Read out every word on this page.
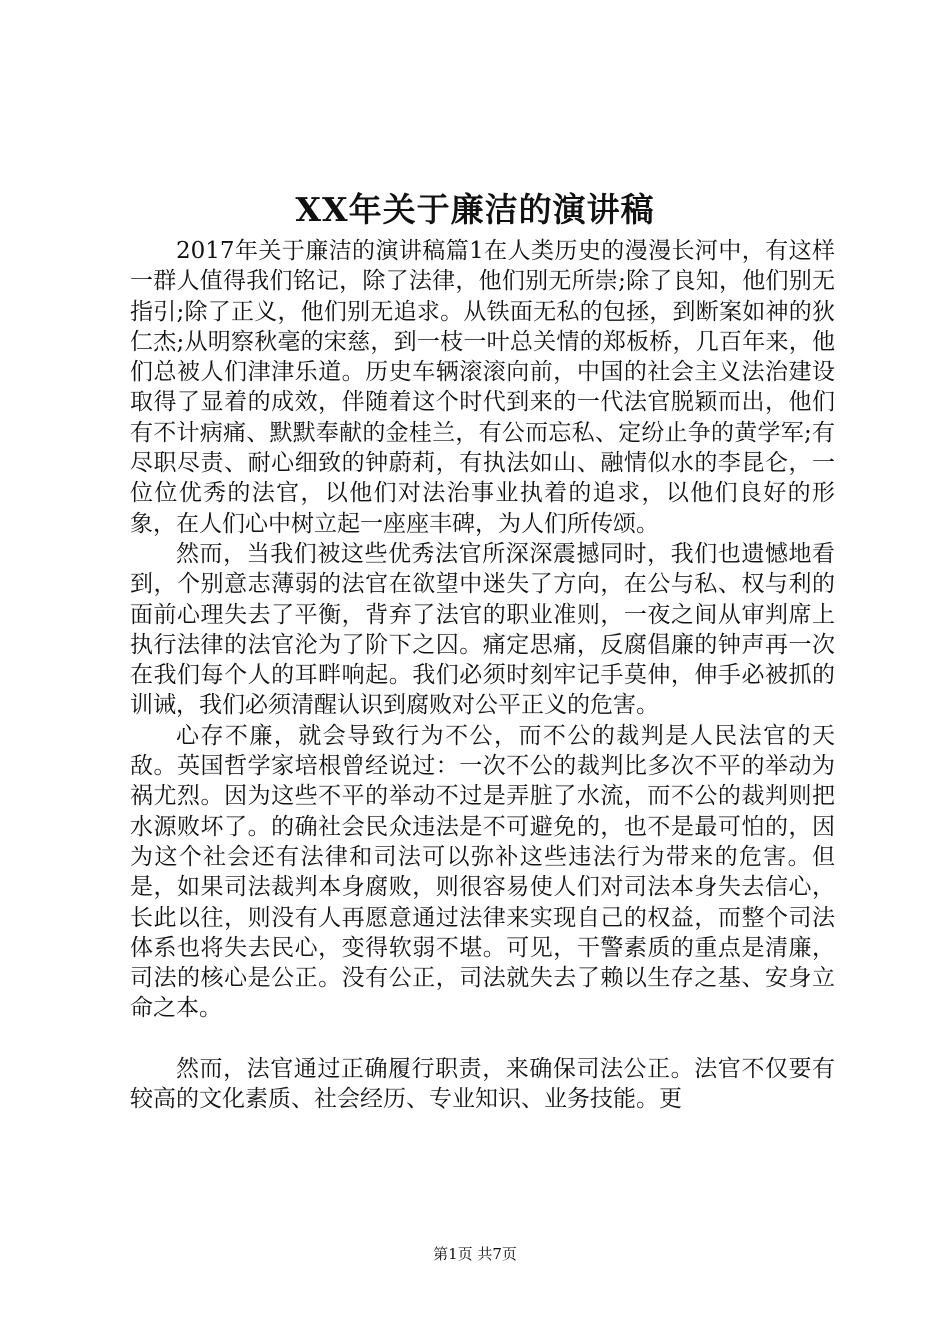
XX年关于廉洁的演讲稿

2017年关于廉洁的演讲稿篇1在人类历史的漫漫长河中，有这样一群人值得我们铭记，除了法律，他们别无所崇;除了良知，他们别无指引;除了正义，他们别无追求。从铁面无私的包拯，到断案如神的狄仁杰;从明察秋毫的宋慈，到一枝一叶总关情的郑板桥，几百年来，他们总被人们津津乐道。历史车辆滚滚向前，中国的社会主义法治建设取得了显着的成效，伴随着这个时代到来的一代法官脱颖而出，他们有不计病痛、默默奉献的金桂兰，有公而忘私、定纷止争的黄学军;有尽职尽责、耐心细致的钟蔚莉，有执法如山、融情似水的李昆仑，一位位优秀的法官，以他们对法治事业执着的追求，以他们良好的形象，在人们心中树立起一座座丰碑，为人们所传颂。

然而，当我们被这些优秀法官所深深震撼同时，我们也遗憾地看到，个别意志薄弱的法官在欲望中迷失了方向，在公与私、权与利的面前心理失去了平衡，背弃了法官的职业准则，一夜之间从审判席上执行法律的法官沦为了阶下之囚。痛定思痛，反腐倡廉的钟声再一次在我们每个人的耳畔响起。我们必须时刻牢记手莫伸，伸手必被抓的训诫，我们必须清醒认识到腐败对公平正义的危害。

心存不廉，就会导致行为不公，而不公的裁判是人民法官的天敌。英国哲学家培根曾经说过：一次不公的裁判比多次不平的举动为祸尤烈。因为这些不平的举动不过是弄脏了水流，而不公的裁判则把水源败坏了。的确社会民众违法是不可避免的，也不是最可怕的，因为这个社会还有法律和司法可以弥补这些违法行为带来的危害。但是，如果司法裁判本身腐败，则很容易使人们对司法本身失去信心，长此以往，则没有人再愿意通过法律来实现自己的权益，而整个司法体系也将失去民心，变得软弱不堪。可见，干警素质的重点是清廉，司法的核心是公正。没有公正，司法就失去了赖以生存之基、安身立命之本。

然而，法官通过正确履行职责，来确保司法公正。法官不仅要有较高的文化素质、社会经历、专业知识、业务技能。更

第1页 共7页
